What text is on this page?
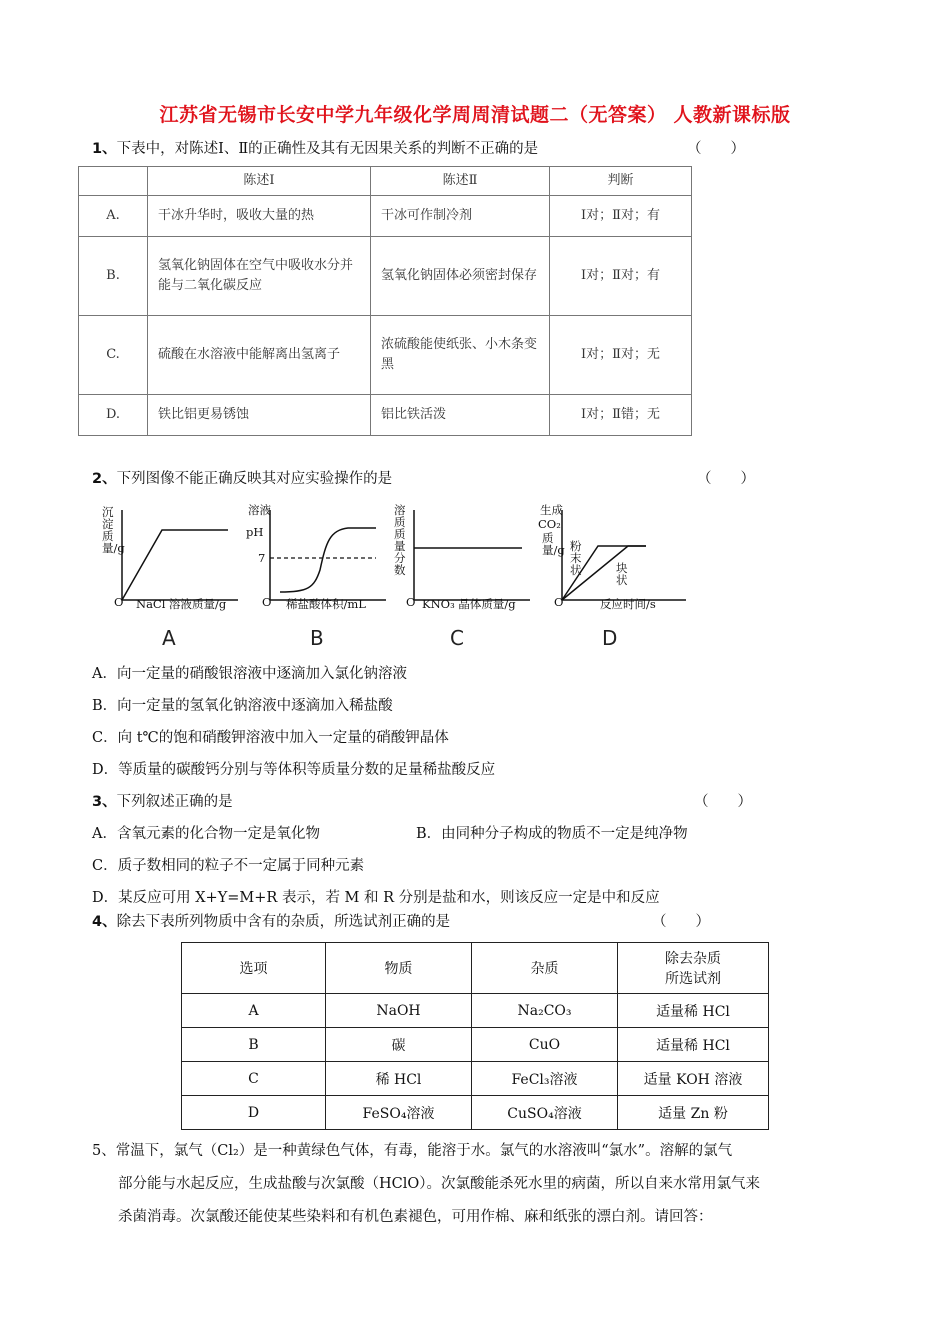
江苏省无锡市长安中学九年级化学周周清试题二（无答案） 人教新课标版
1、下表中，对陈述Ⅰ、Ⅱ的正确性及其有无因果关系的判断不正确的是	（　　）
	陈述Ⅰ	陈述Ⅱ	判断
A.	干冰升华时，吸收大量的热	干冰可作制冷剂	Ⅰ对；Ⅱ对；有
B.	氢氧化钠固体在空气中吸收水分并能与二氧化碳反应	氢氧化钠固体必须密封保存	Ⅰ对；Ⅱ对；有
C.	硫酸在水溶液中能解离出氢离子	浓硫酸能使纸张、小木条变黑	Ⅰ对；Ⅱ对；无
D.	铁比铝更易锈蚀	铝比铁活泼	Ⅰ对；Ⅱ错；无
2、下列图像不能正确反映其对应实验操作的是	（　　）
沉淀质量/g
O NaCl 溶液质量/g
A
溶液
pH
7
O 稀盐酸体积/mL
B
溶质质量分数
O KNO₃ 晶体质量/g
C
生成
CO₂
质量/g 粉末状	块状
O	反应时间/s
D
A．向一定量的硝酸银溶液中逐滴加入氯化钠溶液
B．向一定量的氢氧化钠溶液中逐滴加入稀盐酸
C．向 t℃的饱和硝酸钾溶液中加入一定量的硝酸钾晶体
D．等质量的碳酸钙分别与等体积等质量分数的足量稀盐酸反应
3、下列叙述正确的是	（　　）
A．含氧元素的化合物一定是氧化物	B．由同种分子构成的物质不一定是纯净物
C．质子数相同的粒子不一定属于同种元素
D．某反应可用 X+Y=M+R 表示，若 M 和 R 分别是盐和水，则该反应一定是中和反应
4、除去下表所列物质中含有的杂质，所选试剂正确的是	（　　）
选项	物质	杂质	除去杂质
所选试剂

A	NaOH	Na₂CO₃	适量稀 HCl
B	碳	CuO	适量稀 HCl
C	稀 HCl	FeCl₃溶液	适量 KOH 溶液
D	FeSO₄溶液	CuSO₄溶液	适量 Zn 粉
5、常温下，氯气（Cl₂）是一种黄绿色气体，有毒，能溶于水。氯气的水溶液叫“氯水”。溶解的氯气
部分能与水起反应，生成盐酸与次氯酸（HClO）。次氯酸能杀死水里的病菌，所以自来水常用氯气来
杀菌消毒。次氯酸还能使某些染料和有机色素褪色，可用作棉、麻和纸张的漂白剂。请回答：
